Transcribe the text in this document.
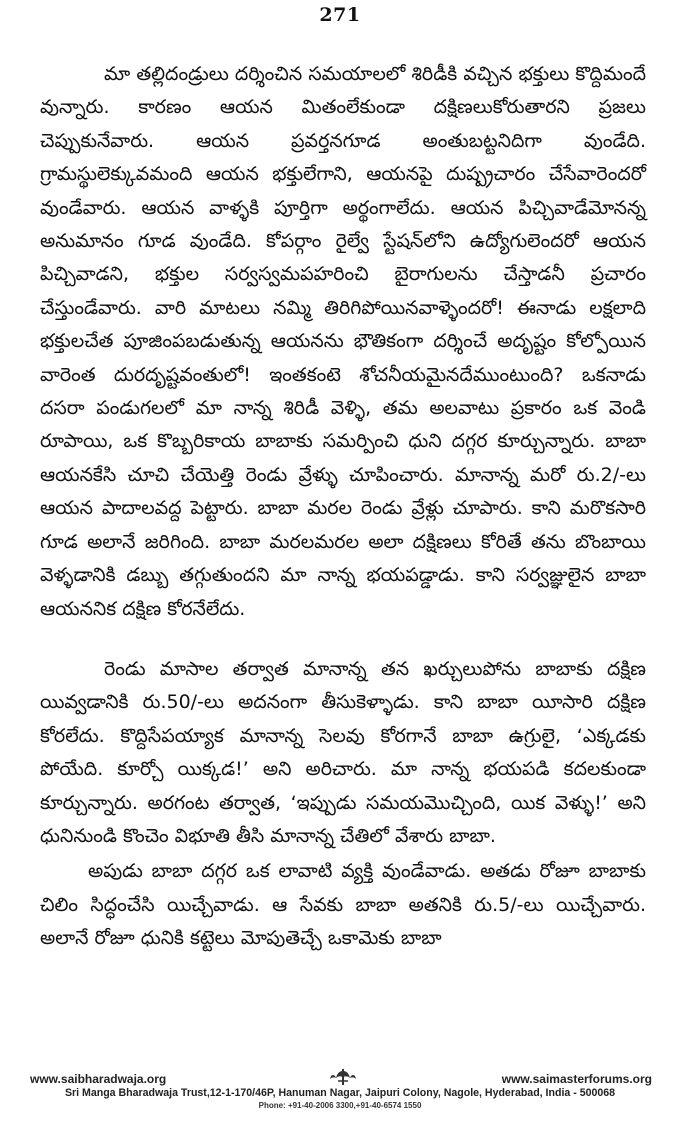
271

మా తల్లిదండ్రులు దర్శించిన సమయాలలో శిరిడీకి వచ్చిన భక్తులు కొద్దిమందే వున్నారు. కారణం ఆయన మితంలేకుండా దక్షిణలుకోరుతారని ప్రజలు చెప్పుకునేవారు. ఆయన ప్రవర్తనగూడ అంతుబట్టనిదిగా వుండేది. గ్రామస్థులెక్కువమంది ఆయన భక్తులేగాని, ఆయనపై దుష్ప్రచారం చేసేవారెందరో వుండేవారు. ఆయన వాళ్ళకి పూర్తిగా అర్థంగాలేదు. ఆయన పిచ్చివాడేమోనన్న అనుమానం గూడ వుండేది. కోపర్గాం రైల్వే స్టేషన్‌లోని ఉద్యోగులెందరో ఆయన పిచ్చివాడని, భక్తుల సర్వస్వమపహరించి బైరాగులను చేస్తాడనీ ప్రచారం చేస్తుండేవారు. వారి మాటలు నమ్మి తిరిగిపోయినవాళ్ళెందరో! ఈనాడు లక్షలాది భక్తులచేత పూజింపబడుతున్న ఆయనను భౌతికంగా దర్శించే అదృష్టం కోల్పోయిన వారెంత దురదృష్టవంతులో! ఇంతకంటె శోచనీయమైనదేముంటుంది? ఒకనాడు దసరా పండుగలలో మా నాన్న శిరిడీ వెళ్ళి, తమ అలవాటు ప్రకారం ఒక వెండి రూపాయి, ఒక కొబ్బరికాయ బాబాకు సమర్పించి ధుని దగ్గర కూర్చున్నారు. బాబా ఆయనకేసి చూచి చేయెత్తి రెండు వ్రేళ్ళు చూపించారు. మానాన్న మరో రు.2/-లు ఆయన పాదాలవద్ద పెట్టారు. బాబా మరల రెండు వ్రేళ్లు చూపారు. కాని మరొకసారి గూడ అలానే జరిగింది. బాబా మరలమరల అలా దక్షిణలు కోరితే తను బొంబాయి వెళ్ళడానికి డబ్బు తగ్గుతుందని మా నాన్న భయపడ్డాడు. కాని సర్వజ్ఞులైన బాబా ఆయననిక దక్షిణ కోరనేలేదు.

రెండు మాసాల తర్వాత మానాన్న తన ఖర్చులుపోను బాబాకు దక్షిణ యివ్వడానికి రు.50/-లు అదనంగా తీసుకెళ్ళాడు. కాని బాబా యీసారి దక్షిణ కోరలేదు. కొద్దిసేపయ్యాక మానాన్న సెలవు కోరగానే బాబా ఉగ్రులై, ‘ఎక్కడకు పోయేది. కూర్చో యిక్కడ!’ అని అరిచారు. మా నాన్న భయపడి కదలకుండా కూర్చున్నారు. అరగంట తర్వాత, ‘ఇప్పుడు సమయమొచ్చింది, యిక వెళ్ళు!’ అని ధునినుండి కొంచెం విభూతి తీసి మానాన్న చేతిలో వేశారు బాబా.

అపుడు బాబా దగ్గర ఒక లావాటి వ్యక్తి వుండేవాడు. అతడు రోజూ బాబాకు చిలిం సిద్ధంచేసి యిచ్చేవాడు. ఆ సేవకు బాబా అతనికి రు.5/-లు యిచ్చేవారు. అలానే రోజూ ధునికి కట్టెలు మోపుతెచ్చే ఒకామెకు బాబా

www.saibharadwaja.org	www.saimasterforums.org
Sri Manga Bharadwaja Trust,12-1-170/46P, Hanuman Nagar, Jaipuri Colony, Nagole, Hyderabad, India - 500068
Phone: +91-40-2006 3300,+91-40-6574 1550
